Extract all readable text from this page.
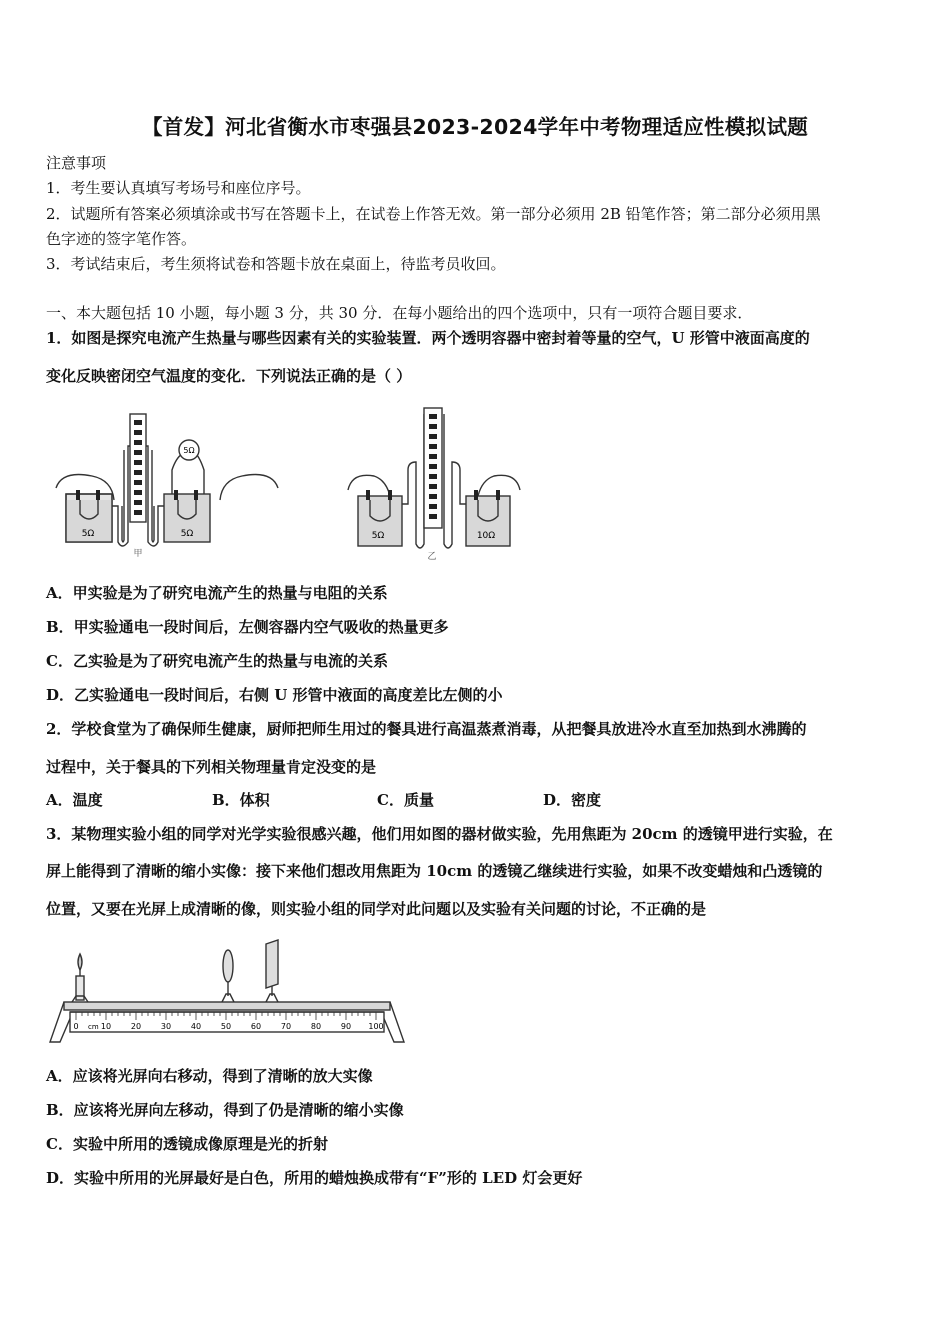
【首发】河北省衡水市枣强县2023-2024学年中考物理适应性模拟试题
注意事项
1．考生要认真填写考场号和座位序号。
2．试题所有答案必须填涂或书写在答题卡上，在试卷上作答无效。第一部分必须用 2B 铅笔作答；第二部分必须用黑
色字迹的签字笔作答。
3．考试结束后，考生须将试卷和答题卡放在桌面上，待监考员收回。
一、本大题包括 10 小题，每小题 3 分，共 30 分．在每小题给出的四个选项中，只有一项符合题目要求．
1．如图是探究电流产生热量与哪些因素有关的实验装置．两个透明容器中密封着等量的空气，U 形管中液面高度的
变化反映密闭空气温度的变化．下列说法正确的是（ ）
5Ω	5Ω
5Ω
甲
5Ω	10Ω
乙
A．甲实验是为了研究电流产生的热量与电阻的关系
B．甲实验通电一段时间后，左侧容器内空气吸收的热量更多
C．乙实验是为了研究电流产生的热量与电流的关系
D．乙实验通电一段时间后，右侧 U 形管中液面的高度差比左侧的小
2．学校食堂为了确保师生健康，厨师把师生用过的餐具进行高温蒸煮消毒，从把餐具放进冷水直至加热到水沸腾的
过程中，关于餐具的下列相关物理量肯定没变的是
A．温度	B．体积	C．质量	D．密度
3．某物理实验小组的同学对光学实验很感兴趣，他们用如图的器材做实验，先用焦距为 20cm 的透镜甲进行实验，在
屏上能得到了清晰的缩小实像：接下来他们想改用焦距为 10cm 的透镜乙继续进行实验，如果不改变蜡烛和凸透镜的
位置，又要在光屏上成清晰的像，则实验小组的同学对此问题以及实验有关问题的讨论，不正确的是
0	10 20 30 40 50 60 70 80 90 100
cm
A．应该将光屏向右移动，得到了清晰的放大实像
B．应该将光屏向左移动，得到了仍是清晰的缩小实像
C．实验中所用的透镜成像原理是光的折射
D．实验中所用的光屏最好是白色，所用的蜡烛换成带有“F”形的 LED 灯会更好
